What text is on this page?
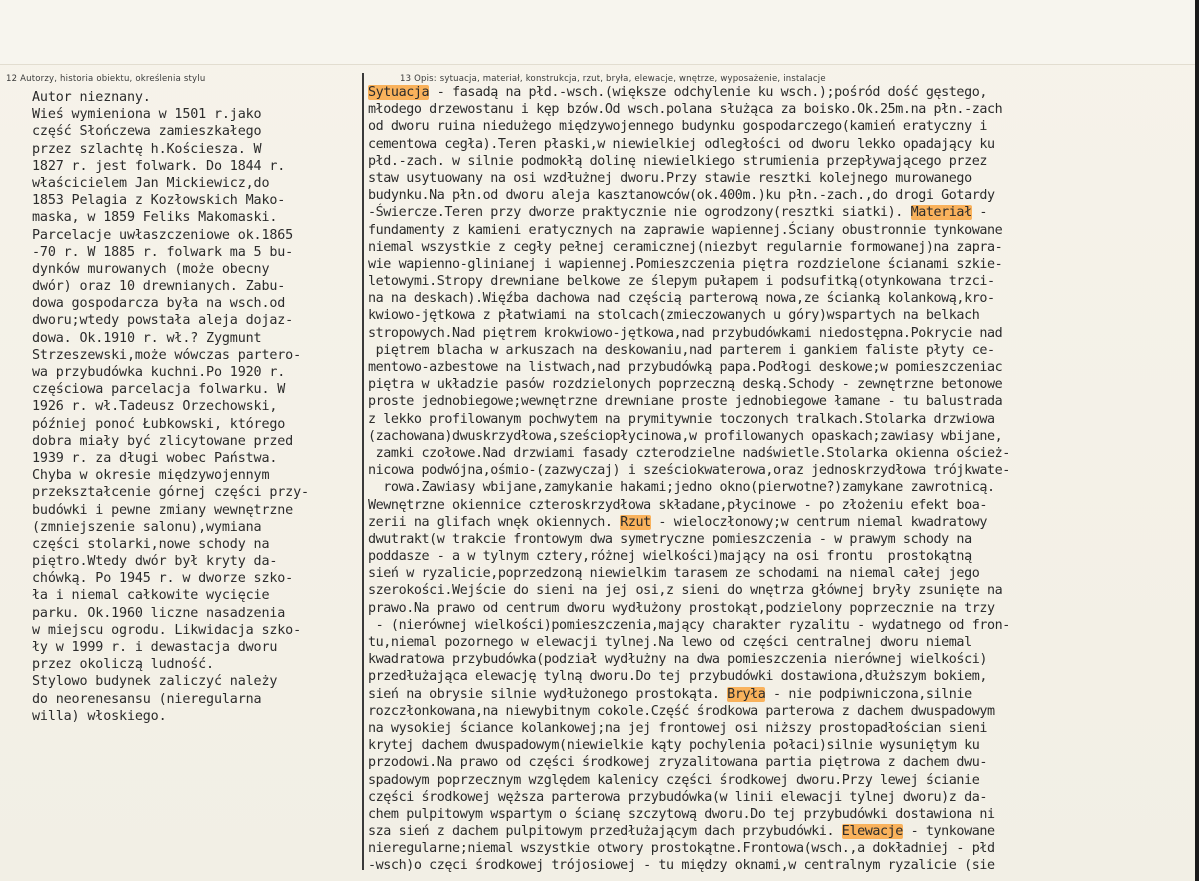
12 Autorzy, historia obiektu, określenia stylu	13 Opis: sytuacja, materiał, konstrukcja, rzut, bryła, elewacje, wnętrze, wyposażenie, instalacje
Autor nieznany.
Wieś wymieniona w 1501 r.jako
część Słończewa zamieszkałego
przez szlachtę h.Kościesza. W
1827 r. jest folwark. Do 1844 r.
właścicielem Jan Mickiewicz,do
1853 Pelagia z Kozłowskich Mako-
maska, w 1859 Feliks Makomaski.
Parcelacje uwłaszczeniowe ok.1865
-70 r. W 1885 r. folwark ma 5 bu-
dynków murowanych (może obecny
dwór) oraz 10 drewnianych. Zabu-
dowa gospodarcza była na wsch.od
dworu;wtedy powstała aleja dojaz-
dowa. Ok.1910 r. wł.? Zygmunt
Strzeszewski,może wówczas partero-
wa przybudówka kuchni.Po 1920 r.
częściowa parcelacja folwarku. W
1926 r. wł.Tadeusz Orzechowski,
później ponoć Łubkowski, którego
dobra miały być zlicytowane przed
1939 r. za długi wobec Państwa.
Chyba w okresie międzywojennym
przekształcenie górnej części przy-
budówki i pewne zmiany wewnętrzne
(zmniejszenie salonu),wymiana
części stolarki,nowe schody na
piętro.Wtedy dwór był kryty da-
chówką. Po 1945 r. w dworze szko-
ła i niemal całkowite wycięcie
parku. Ok.1960 liczne nasadzenia
w miejscu ogrodu. Likwidacja szko-
ły w 1999 r. i dewastacja dworu
przez okoliczą ludność.
Stylowo budynek zaliczyć należy
do neorenesansu (nieregularna
willa) włoskiego.
Sytuacja - fasadą na płd.-wsch.(większe odchylenie ku wsch.);pośród dość gęstego,
młodego drzewostanu i kęp bzów.Od wsch.polana służąca za boisko.Ok.25m.na płn.-zach
od dworu ruina niedużego międzywojennego budynku gospodarczego(kamień eratyczny i
cementowa cegła).Teren płaski,w niewielkiej odległości od dworu lekko opadający ku
płd.-zach. w silnie podmokłą dolinę niewielkiego strumienia przepływającego przez
staw usytuowany na osi wzdłużnej dworu.Przy stawie resztki kolejnego murowanego
budynku.Na płn.od dworu aleja kasztanowców(ok.400m.)ku płn.-zach.,do drogi Gotardy
-Świercze.Teren przy dworze praktycznie nie ogrodzony(resztki siatki). Materiał -
fundamenty z kamieni eratycznych na zaprawie wapiennej.Ściany obustronnie tynkowane
niemal wszystkie z cegły pełnej ceramicznej(niezbyt regularnie formowanej)na zapra-
wie wapienno-glinianej i wapiennej.Pomieszczenia piętra rozdzielone ścianami szkie-
letowymi.Stropy drewniane belkowe ze ślepym pułapem i podsufitką(otynkowana trzci-
na na deskach).Więźba dachowa nad częścią parterową nowa,ze ścianką kolankową,kro-
kwiowo-jętkowa z płatwiami na stolcach(zmieczowanych u góry)wspartych na belkach
stropowych.Nad piętrem krokwiowo-jętkowa,nad przybudówkami niedostępna.Pokrycie nad
piętrem blacha w arkuszach na deskowaniu,nad parterem i gankiem faliste płyty ce-
mentowo-azbestowe na listwach,nad przybudówką papa.Podłogi deskowe;w pomieszczeniac
piętra w układzie pasów rozdzielonych poprzeczną deską.Schody - zewnętrzne betonowe
proste jednobiegowe;wewnętrzne drewniane proste jednobiegowe łamane - tu balustrada
z lekko profilowanym pochwytem na prymitywnie toczonych tralkach.Stolarka drzwiowa
(zachowana)dwuskrzydłowa,sześciopłycinowa,w profilowanych opaskach;zawiasy wbijane,
zamki czołowe.Nad drzwiami fasady czterodzielne nadświetle.Stolarka okienna oścież-
nicowa podwójna,ośmio-(zazwyczaj) i sześciokwaterowa,oraz jednoskrzydłowa trójkwate-
rowa.Zawiasy wbijane,zamykanie hakami;jedno okno(pierwotne?)zamykane zawrotnicą.
Wewnętrzne okiennice czteroskrzydłowa składane,płycinowe - po złożeniu efekt boa-
zerii na glifach wnęk okiennych. Rzut - wieloczłonowy;w centrum niemal kwadratowy
dwutrakt(w trakcie frontowym dwa symetryczne pomieszczenia - w prawym schody na
poddasze - a w tylnym cztery,różnej wielkości)mający na osi frontu  prostokątną
sień w ryzalicie,poprzedzoną niewielkim tarasem ze schodami na niemal całej jego
szerokości.Wejście do sieni na jej osi,z sieni do wnętrza głównej bryły zsunięte na
prawo.Na prawo od centrum dworu wydłużony prostokąt,podzielony poprzecznie na trzy
- (nierównej wielkości)pomieszczenia,mający charakter ryzalitu - wydatnego od fron-
tu,niemal pozornego w elewacji tylnej.Na lewo od części centralnej dworu niemal
kwadratowa przybudówka(podział wydłużny na dwa pomieszczenia nierównej wielkości)
przedłużająca elewację tylną dworu.Do tej przybudówki dostawiona,dłuższym bokiem,
sień na obrysie silnie wydłużonego prostokąta. Bryła - nie podpiwniczona,silnie
rozczłonkowana,na niewybitnym cokole.Część środkowa parterowa z dachem dwuspadowym
na wysokiej ściance kolankowej;na jej frontowej osi niższy prostopadłościan sieni
krytej dachem dwuspadowym(niewielkie kąty pochylenia połaci)silnie wysuniętym ku
przodowi.Na prawo od części środkowej zryzalitowana partia piętrowa z dachem dwu-
spadowym poprzecznym względem kalenicy części środkowej dworu.Przy lewej ścianie
części środkowej węższa parterowa przybudówka(w linii elewacji tylnej dworu)z da-
chem pulpitowym wspartym o ścianę szczytową dworu.Do tej przybudówki dostawiona ni
sza sień z dachem pulpitowym przedłużającym dach przybudówki. Elewacje - tynkowane
nieregularne;niemal wszystkie otwory prostokątne.Frontowa(wsch.,a dokładniej - płd
-wsch)o częci środkowej trójosiowej - tu między oknami,w centralnym ryzalicie (sie
